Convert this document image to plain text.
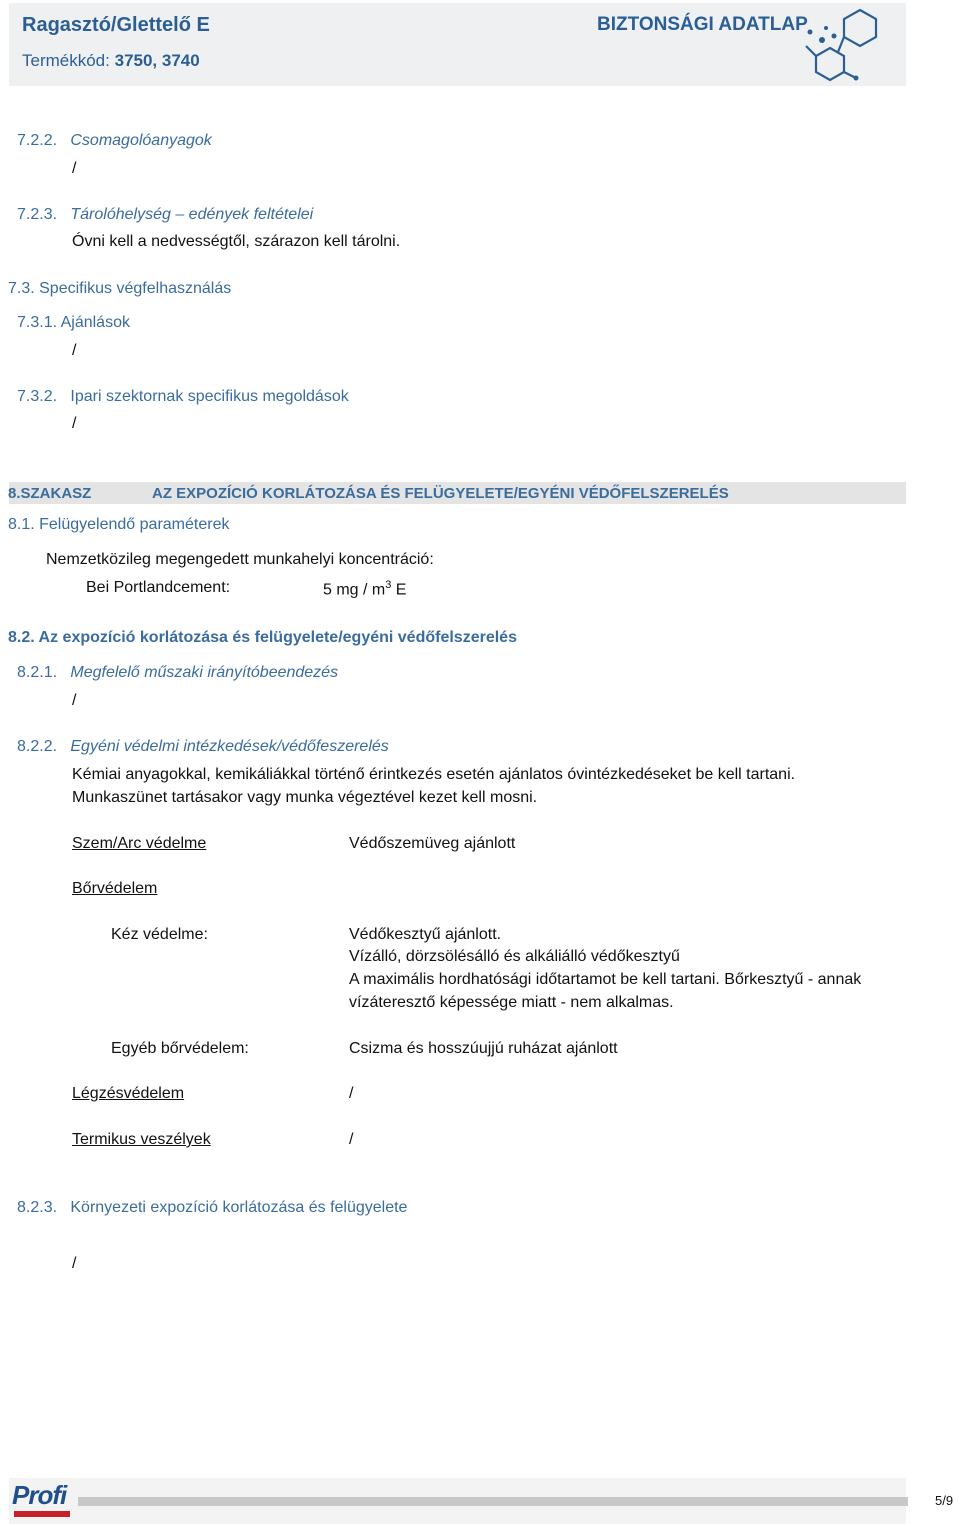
Ragasztó/Glettelő E
Termékkód: 3750, 3740
BIZTONSÁGI ADATLAP
7.2.2. Csomagolóanyagok
/
7.2.3. Tárolóhelység – edények feltételei
Óvni kell a nedvességtől, szárazon kell tárolni.
7.3. Specifikus végfelhasználás
7.3.1. Ajánlások
/
7.3.2. Ipari szektornak specifikus megoldások
/
8.SZAKASZ	AZ EXPOZÍCIÓ KORLÁTOZÁSA ÉS FELÜGYELETE/EGYÉNI VÉDŐFELSZERELÉS
8.1. Felügyelendő paraméterek
Nemzetközileg megengedett munkahelyi koncentráció:
Bei Portlandcement:	5 mg / $m^3$ E
8.2. Az expozíció korlátozása és felügyelete/egyéni védőfelszerelés
8.2.1. Megfelelő műszaki irányítóbeendezés
/
8.2.2. Egyéni védelmi intézkedések/védőfeszerelés
Kémiai anyagokkal, kemikáliákkal történő érintkezés esetén ajánlatos óvintézkedéseket be kell tartani.
Munkaszünet tartásakor vagy munka végeztével kezet kell mosni.
Szem/Arc védelme	Védőszemüveg ajánlott
Bőrvédelem
Kéz védelme:	Védőkesztyű ajánlott.
Vízálló, dörzsölésálló és alkáliálló védőkesztyű
A maximális hordhatósági időtartamot be kell tartani. Bőrkesztyű - annak
vízáteresztő képessége miatt - nem alkalmas.
Egyéb bőrvédelem:	Csizma és hosszúujjú ruházat ajánlott
Légzésvédelem	/
Termikus veszélyek	/
8.2.3. Környezeti expozíció korlátozása és felügyelete
/
Profi	5/9
